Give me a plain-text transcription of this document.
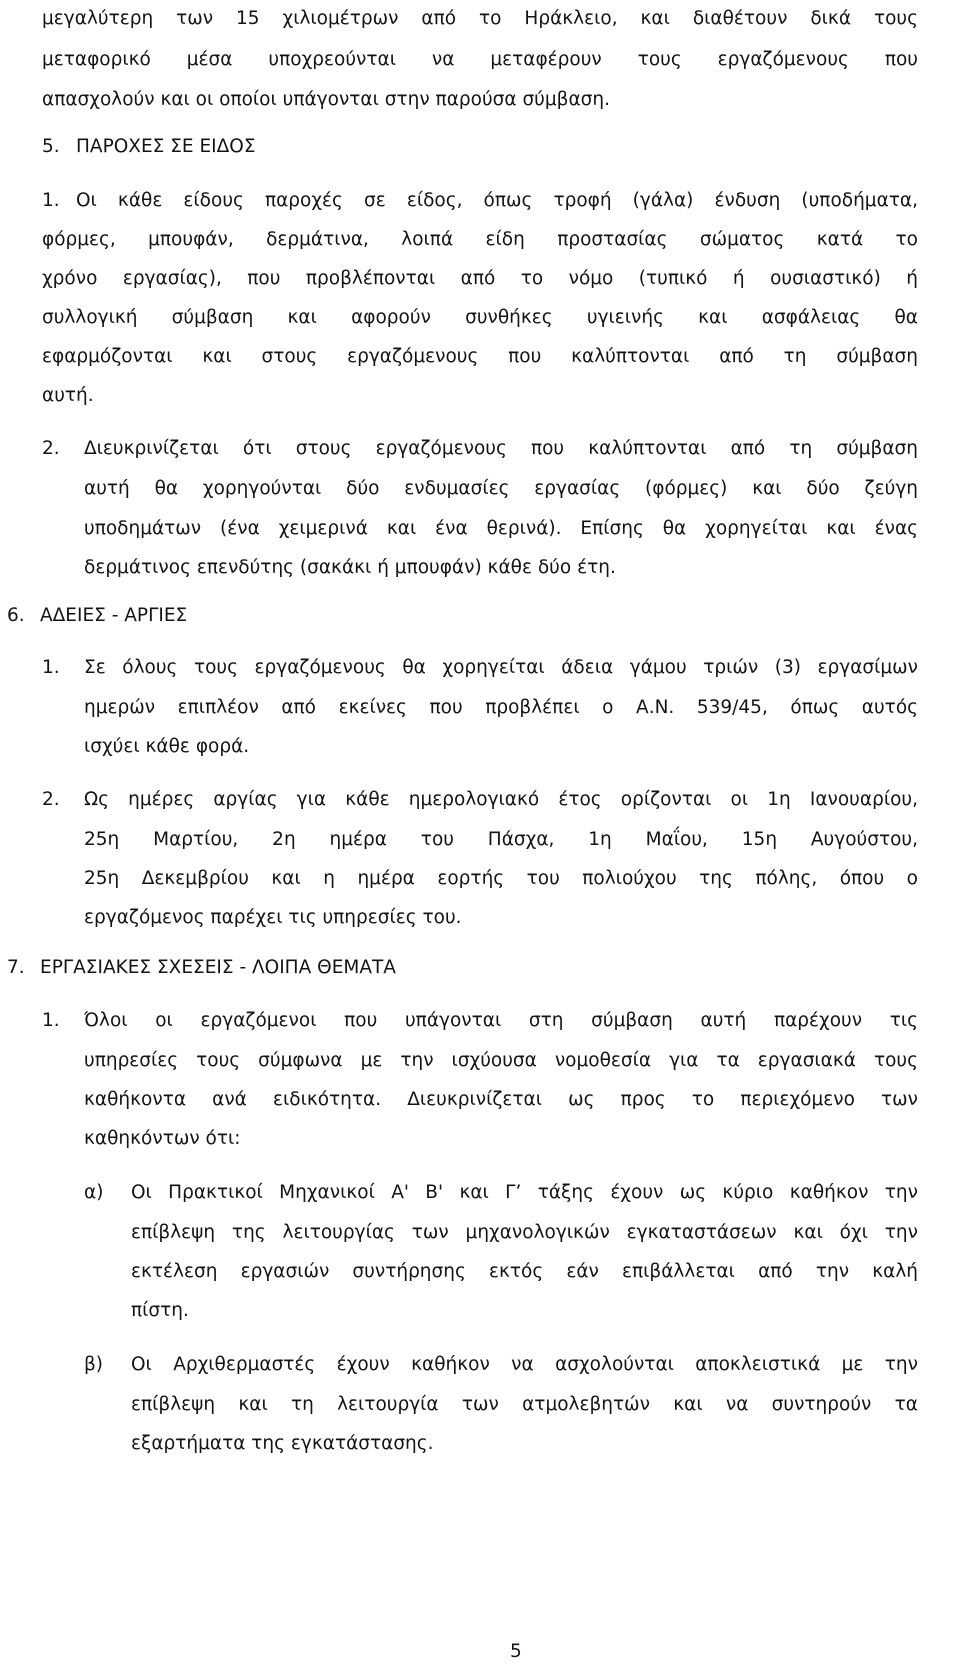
μεγαλύτερη των 15 χιλιομέτρων από το Ηράκλειο, και διαθέτουν δικά τους
μεταφορικό μέσα υποχρεούνται να μεταφέρουν τους εργαζόμενους που
απασχολούν και οι οποίοι υπάγονται στην παρούσα σύμβαση.
5. ΠΑΡΟΧΕΣ ΣΕ ΕΙΔΟΣ
1. Οι κάθε είδους παροχές σε είδος, όπως τροφή (γάλα) ένδυση (υποδήματα,
φόρμες, μπουφάν, δερμάτινα, λοιπά είδη προστασίας σώματος κατά το
χρόνο εργασίας), που προβλέπονται από το νόμο (τυπικό ή ουσιαστικό) ή
συλλογική σύμβαση και αφορούν συνθήκες υγιεινής και ασφάλειας θα
εφαρμόζονται και στους εργαζόμενους που καλύπτονται από τη σύμβαση
αυτή.
2. Διευκρινίζεται ότι στους εργαζόμενους που καλύπτονται από τη σύμβαση
αυτή θα χορηγούνται δύο ενδυμασίες εργασίας (φόρμες) και δύο ζεύγη
υποδημάτων (ένα χειμερινά και ένα θερινά). Επίσης θα χορηγείται και ένας
δερμάτινος επενδύτης (σακάκι ή μπουφάν) κάθε δύο έτη.
6. ΑΔΕΙΕΣ - ΑΡΓΙΕΣ
1. Σε όλους τους εργαζόμενους θα χορηγείται άδεια γάμου τριών (3) εργασίμων
ημερών επιπλέον από εκείνες που προβλέπει ο Α.Ν. 539/45, όπως αυτός
ισχύει κάθε φορά.
2. Ως ημέρες αργίας για κάθε ημερολογιακό έτος ορίζονται οι 1η Ιανουαρίου,
25η Μαρτίου, 2η ημέρα του Πάσχα, 1η Μαΐου, 15η Αυγούστου,
25η Δεκεμβρίου και η ημέρα εορτής του πολιούχου της πόλης, όπου ο
εργαζόμενος παρέχει τις υπηρεσίες του.
7. ΕΡΓΑΣΙΑΚΕΣ ΣΧΕΣΕΙΣ - ΛΟΙΠΑ ΘΕΜΑΤΑ
1. Όλοι οι εργαζόμενοι που υπάγονται στη σύμβαση αυτή παρέχουν τις
υπηρεσίες τους σύμφωνα με την ισχύουσα νομοθεσία για τα εργασιακά τους
καθήκοντα ανά ειδικότητα. Διευκρινίζεται ως προς το περιεχόμενο των
καθηκόντων ότι:
α) Οι Πρακτικοί Μηχανικοί Α' Β' και Γ’ τάξης έχουν ως κύριο καθήκον την
επίβλεψη της λειτουργίας των μηχανολογικών εγκαταστάσεων και όχι την
εκτέλεση εργασιών συντήρησης εκτός εάν επιβάλλεται από την καλή
πίστη.
β) Οι Αρχιθερμαστές έχουν καθήκον να ασχολούνται αποκλειστικά με την
επίβλεψη και τη λειτουργία των ατμολεβητών και να συντηρούν τα
εξαρτήματα της εγκατάστασης.
5
